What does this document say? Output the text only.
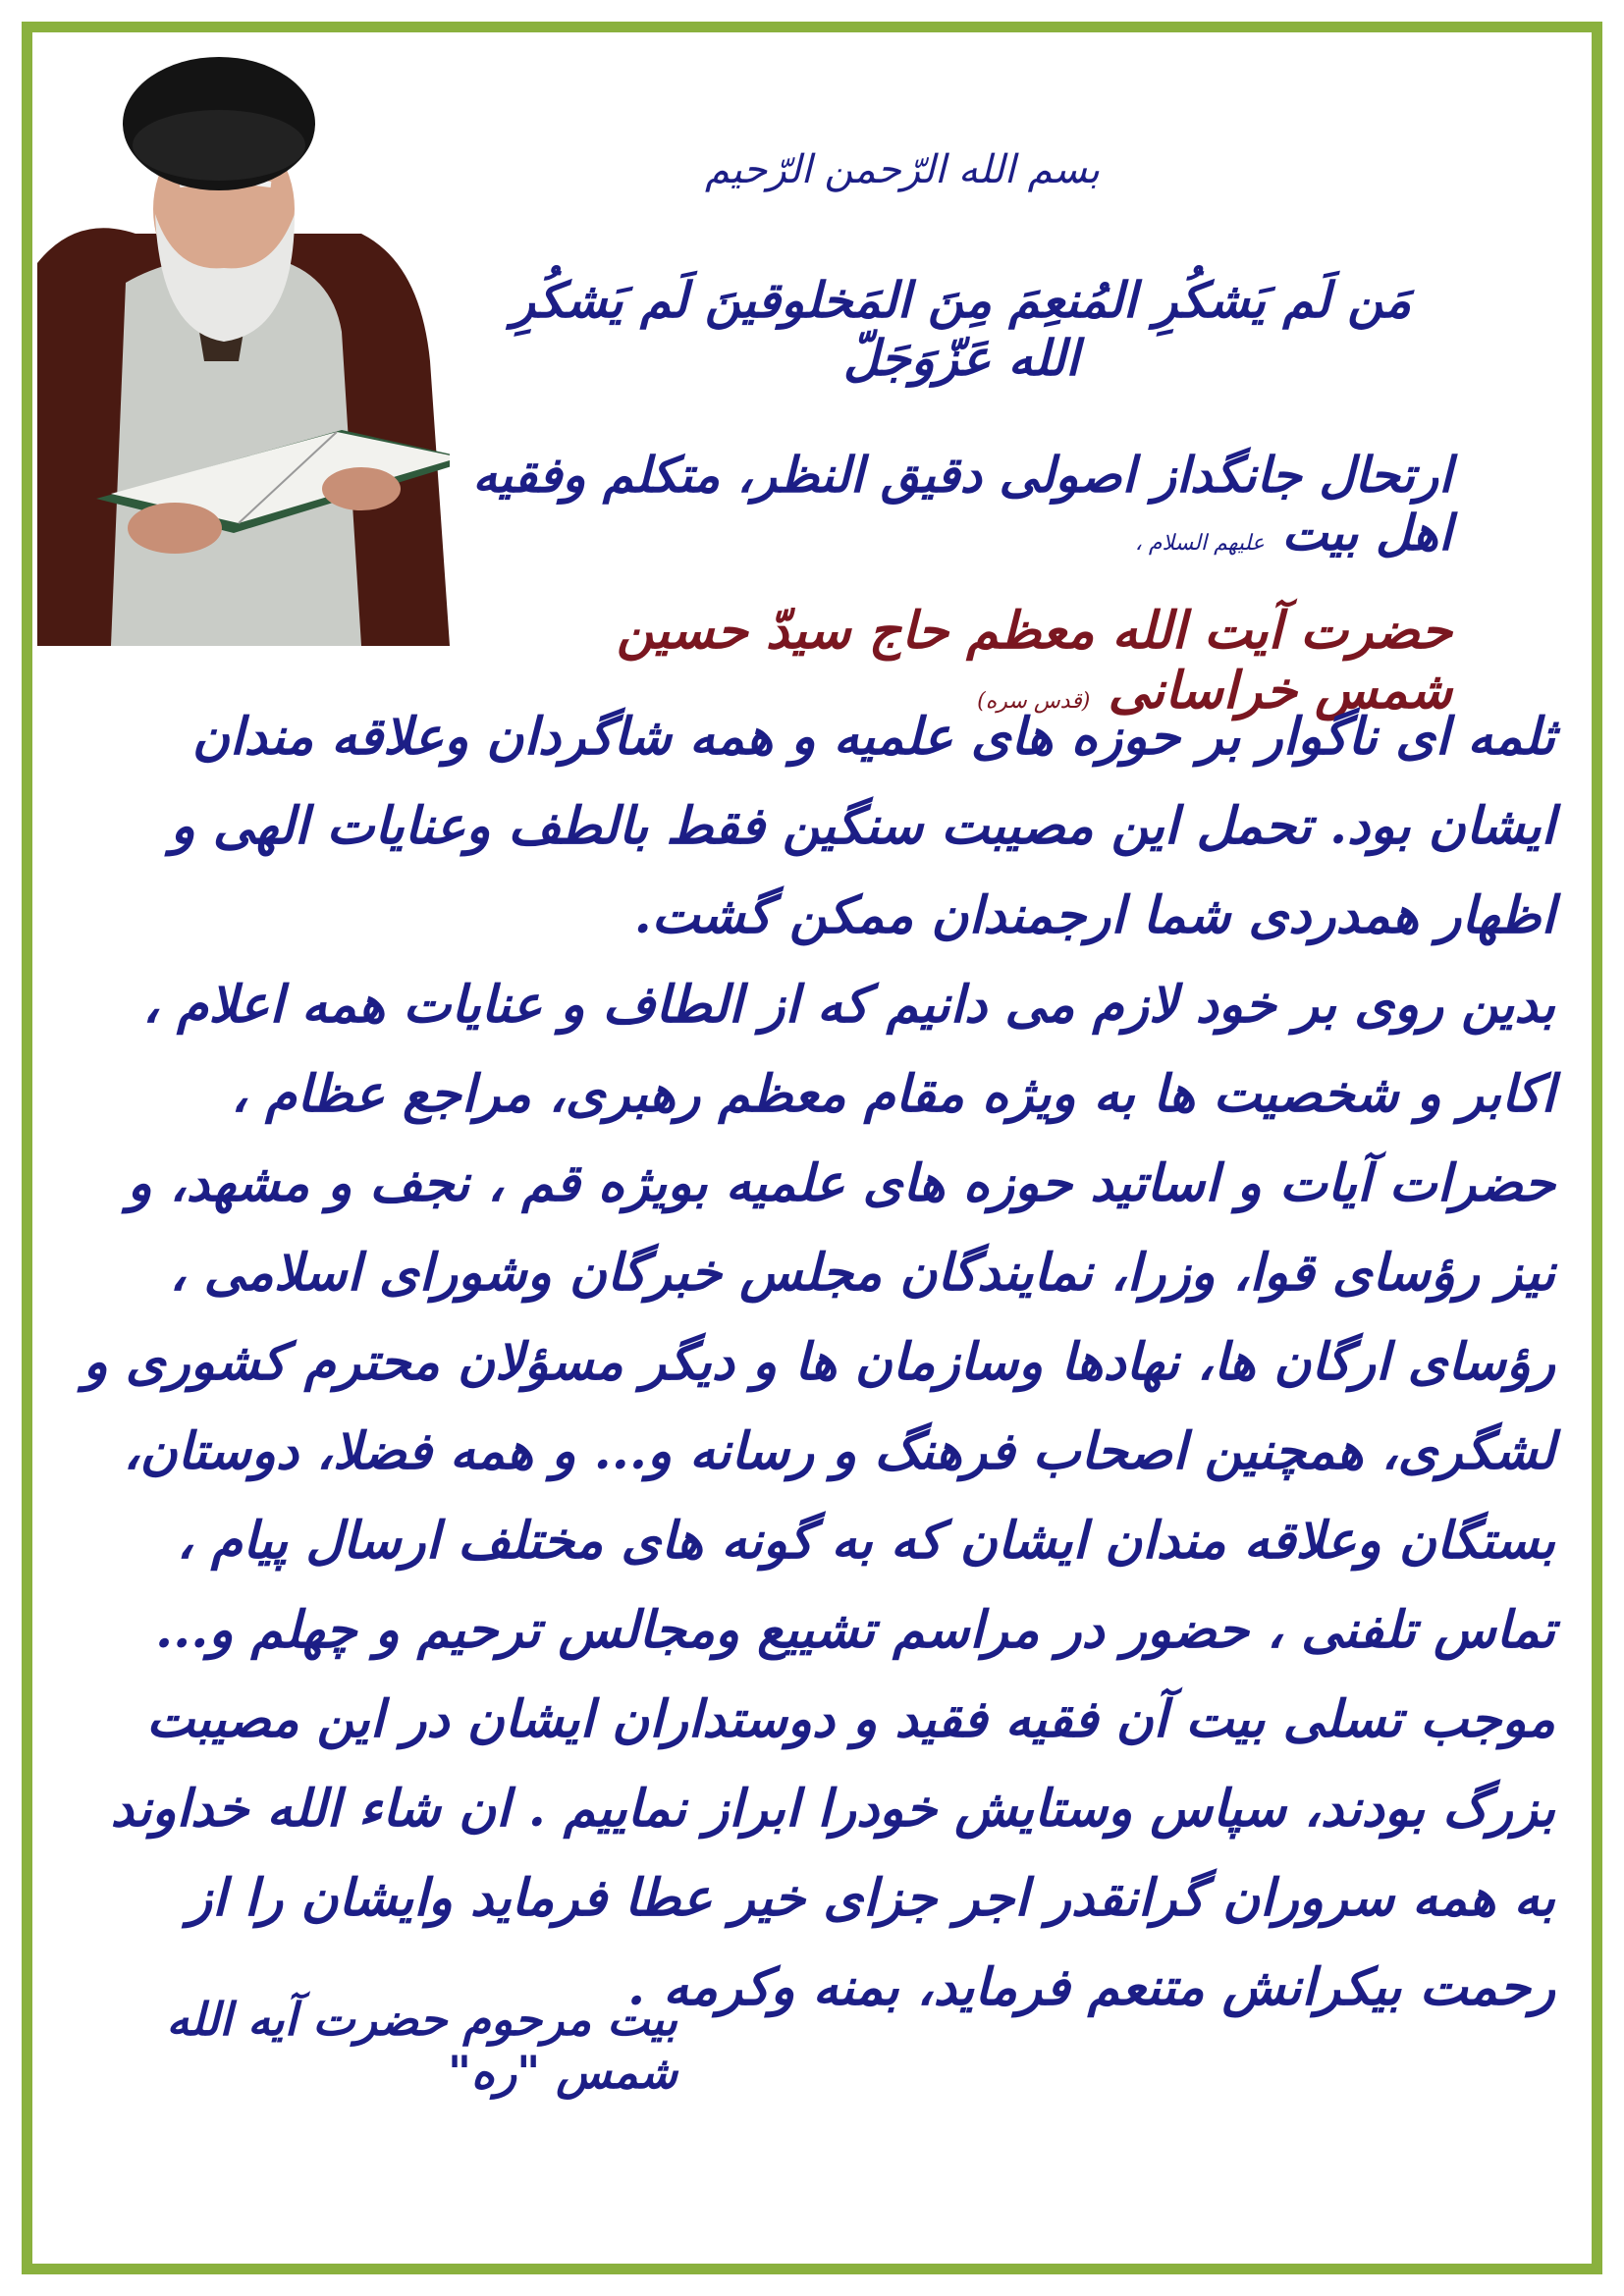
بسم الله الرّحمن الرّحیم

مَن لَم یَشکُرِ المُنعِمَ مِنَ المَخلوقینَ لَم یَشکُرِ الله عَزّوَجَلّ

ارتحال جانگداز اصولی دقیق النظر، متکلم وفقیه اهل بیت علیهم السلام ،

حضرت آیت الله معظم حاج سیدّ حسین شمس خراسانی (قدس سره)

ثلمه ای ناگوار بر حوزه های علمیه و همه شاگردان وعلاقه مندان ایشان بود. تحمل این مصیبت سنگین فقط بالطف وعنایات الهی و اظهار همدردی شما ارجمندان ممکن گشت.

بدین روی بر خود لازم می دانیم که از الطاف و عنایات همه اعلام ، اکابر و شخصیت ها به ویژه مقام معظم رهبری، مراجع عظام ، حضرات آیات و اساتید حوزه های علمیه بویژه قم ، نجف و مشهد، و نیز رؤسای قوا، وزرا، نمایندگان مجلس خبرگان وشورای اسلامی ، رؤسای ارگان ها، نهادها وسازمان ها و دیگر مسؤلان محترم کشوری و لشگری، همچنین اصحاب فرهنگ و رسانه و... و همه فضلا، دوستان، بستگان وعلاقه مندان ایشان که به گونه های مختلف ارسال پیام ، تماس تلفنی ، حضور در مراسم تشییع ومجالس ترحیم و چهلم و... موجب تسلی بیت آن فقیه فقید و دوستداران ایشان در این مصیبت بزرگ بودند، سپاس وستایش خودرا ابراز نماییم . ان شاء الله خداوند به همه سروران گرانقدر اجر جزای خیر عطا فرماید وایشان را از رحمت بیکرانش متنعم فرماید، بمنه وکرمه .

بیت مرحوم حضرت آیه الله شمس "ره"
